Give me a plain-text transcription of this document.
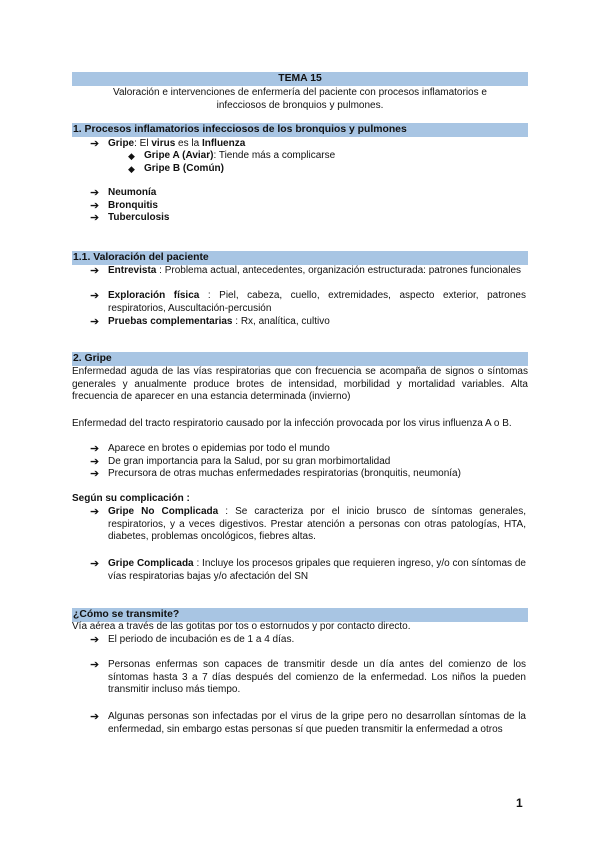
TEMA 15
Valoración e intervenciones de enfermería del paciente con procesos inflamatorios e
infecciosos de bronquios y pulmones.
1. Procesos inflamatorios infecciosos de los bronquios y pulmones
➔ Gripe: El virus es la Influenza
◆ Gripe A (Aviar): Tiende más a complicarse
◆ Gripe B (Común)
➔ Neumonía
➔ Bronquitis
➔ Tuberculosis
1.1. Valoración del paciente
➔ Entrevista : Problema actual, antecedentes, organización estructurada: patrones funcionales
➔ Exploración física : Piel, cabeza, cuello, extremidades, aspecto exterior, patrones respiratorios, Auscultación-percusión
➔ Pruebas complementarias : Rx, analítica, cultivo
2. Gripe
Enfermedad aguda de las vías respiratorias que con frecuencia se acompaña de signos o síntomas generales y anualmente produce brotes de intensidad, morbilidad y mortalidad variables. Alta frecuencia de aparecer en una estancia determinada (invierno)
Enfermedad del tracto respiratorio causado por la infección provocada por los virus influenza A o B.
➔ Aparece en brotes o epidemias por todo el mundo
➔ De gran importancia para la Salud, por su gran morbimortalidad
➔ Precursora de otras muchas enfermedades respiratorias (bronquitis, neumonía)
Según su complicación :
➔ Gripe No Complicada : Se caracteriza por el inicio brusco de síntomas generales, respiratorios, y a veces digestivos. Prestar atención a personas con otras patologías, HTA, diabetes, problemas oncológicos, fiebres altas.
➔ Gripe Complicada : Incluye los procesos gripales que requieren ingreso, y/o con síntomas de vías respiratorias bajas y/o afectación del SN
¿Cómo se transmite?
Vía aérea a través de las gotitas por tos o estornudos y por contacto directo.
➔ El periodo de incubación es de 1 a 4 días.
➔ Personas enfermas son capaces de transmitir desde un día antes del comienzo de los síntomas hasta 3 a 7 días después del comienzo de la enfermedad. Los niños la pueden transmitir incluso más tiempo.
➔ Algunas personas son infectadas por el virus de la gripe pero no desarrollan síntomas de la enfermedad, sin embargo estas personas sí que pueden transmitir la enfermedad a otros
1
